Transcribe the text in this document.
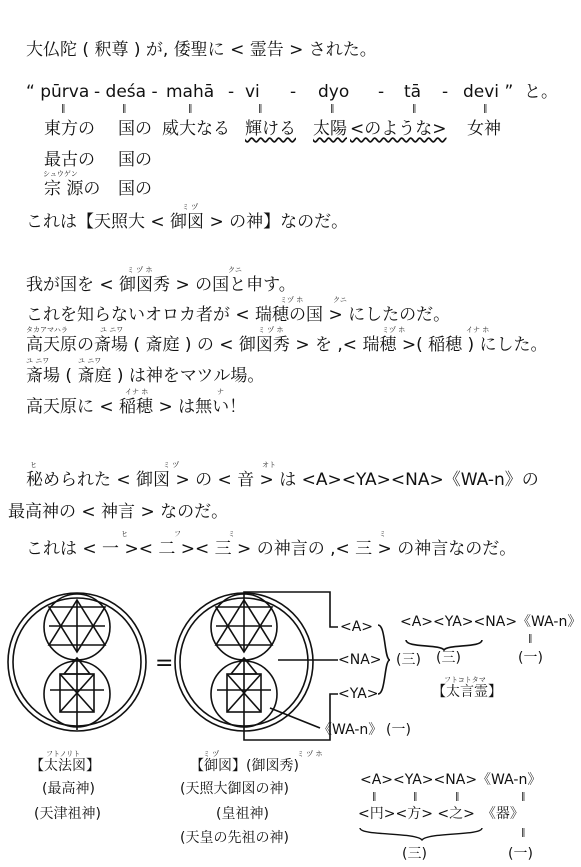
大仏陀 ( 釈尊 ) が, 倭聖に < 霊告 > された。
“ pūrva - deśa - mahā - vi - dyo - tā - devi ” と。
‖	‖	‖	‖	‖	‖	‖
東方の 国の 威大なる 輝ける 太陽 <のような> 女神
最古の 国の
シュウゲン
宗 源の 国の
ミ ヅ
これは【天照大 < 御図 > の神】なのだ。
ミ ヅ ホ	クニ
我が国を < 御図秀 > の国と申す。
ミヅ ホ	クニ
これを知らないオロカ者が < 瑞穂の国 > にしたのだ。
タカアマハラ	ユ ニワ	ミ ヅ ホ	ミヅ ホ	イナ ホ
高天原の斎場 ( 斎庭 ) の < 御図秀 > を ,< 瑞穂 >( 稲穂 ) にした。
ユ ニワ	ユ ニワ
斎場 ( 斎庭 ) は神をマツル場。
イナ ホ	ナ
高天原に < 稲穂 > は無い！
ヒ	ミ ヅ	オト
秘められた < 御図 > の < 音 > は <A><YA><NA>《WA-n》の
最高神の < 神言 > なのだ。
ヒ	フ	ミ	ミ
これは < 一 >< 二 >< 三 > の神言の ,< 三 > の神言なのだ。
=
<A>
<NA>
<YA>
《WA-n》 (一)
(三)
<A><YA><NA>《WA-n》
‖
(三)	(一)
フトコトタマ
【太言霊】
フトノリト
【太法図】
(最高神)
(天津祖神)
ミ ヅ	ミ ヅ ホ
【御図】(御図秀)
(天照大御図の神)
(皇祖神)
(天皇の先祖の神)
<A><YA><NA>《WA-n》
‖	‖	‖	‖
<円><方> <之>　《器》
‖
(三)	(一)
